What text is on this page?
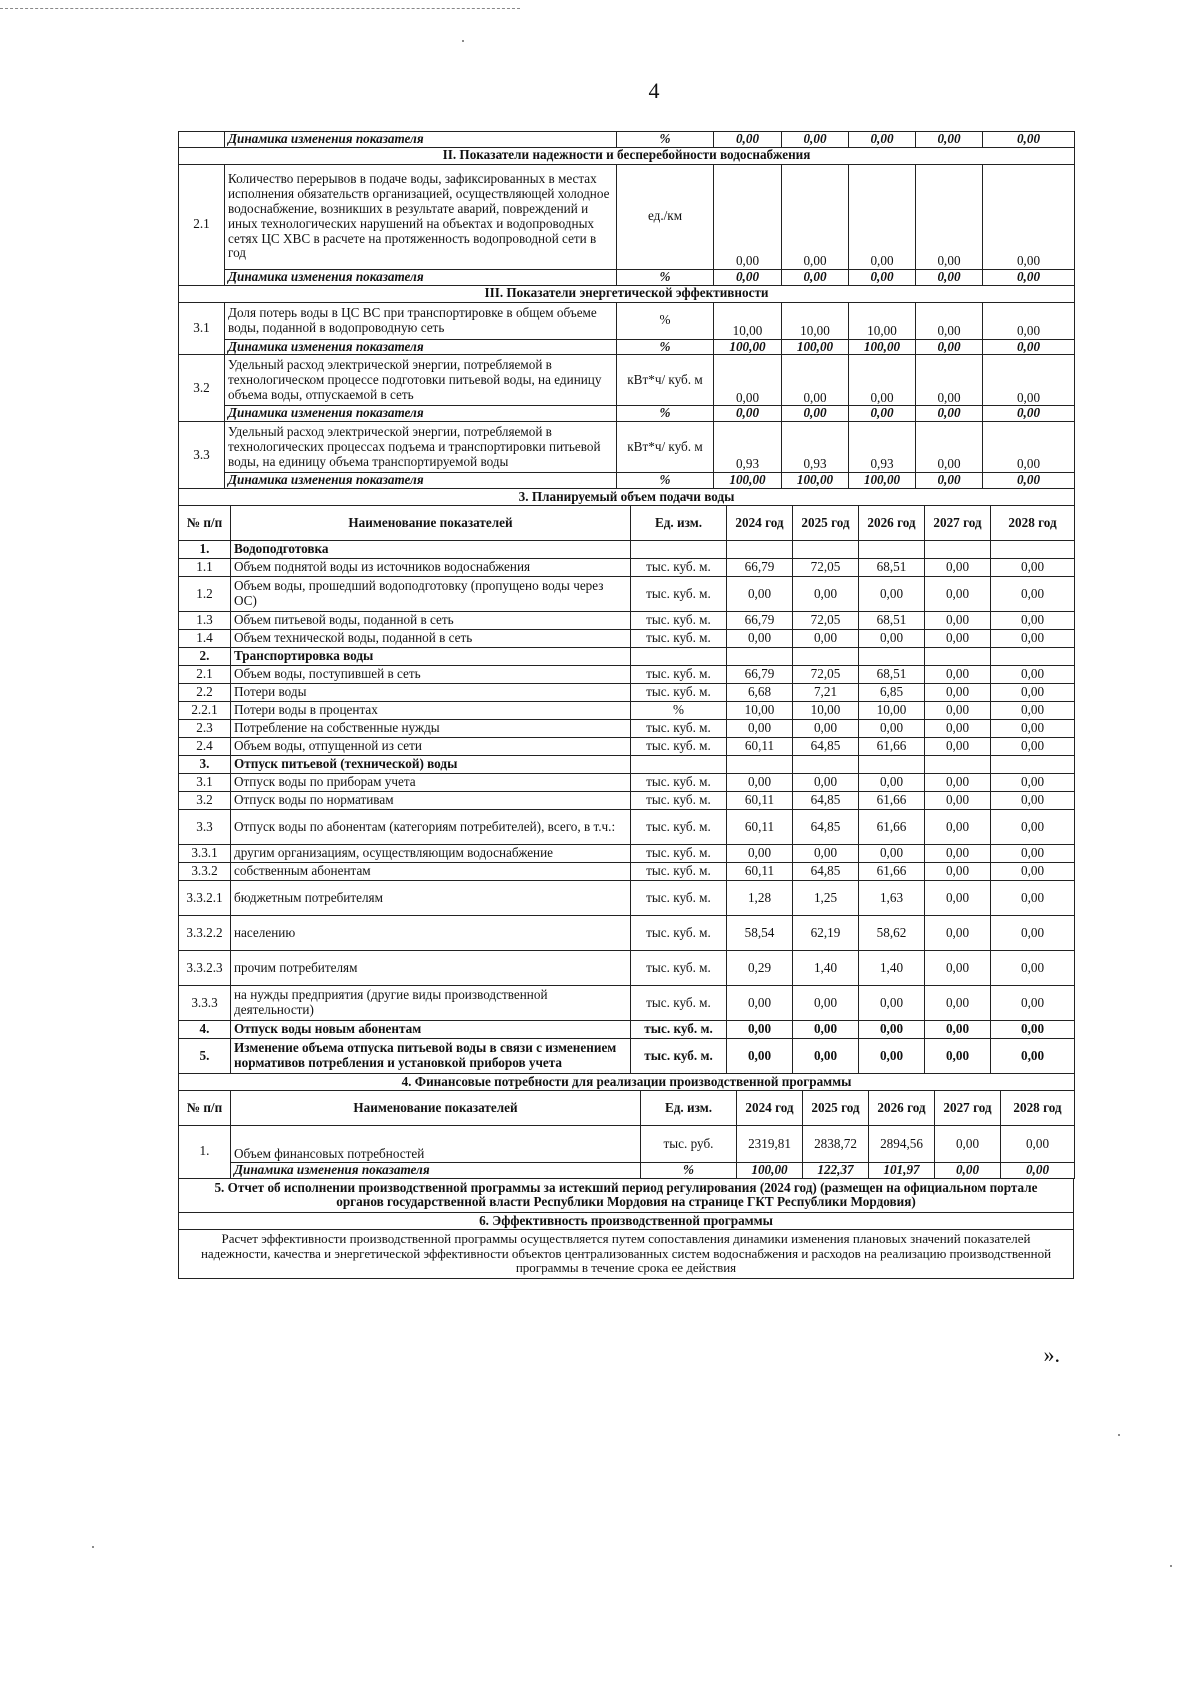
4
	Динамика изменения показателя	%	0,00	0,00	0,00	0,00	0,00
II. Показатели надежности и бесперебойности водоснабжения							
2.1	Количество перерывов в подаче воды, зафиксированных в местах исполнения обязательств организацией, осуществляющей холодное водоснабжение, возникших в результате аварий, повреждений и иных технологических нарушений на объектах и водопроводных сетях ЦС ХВС в расчете на протяженность водопроводной сети в год	ед./км	0,00	0,00	0,00	0,00	0,00
	Динамика изменения показателя	%	0,00	0,00	0,00	0,00	0,00
III. Показатели энергетической эффективности							
3.1	Доля потерь воды в ЦС ВС при транспортировке в общем объеме воды, поданной в водопроводную сеть	%	10,00	10,00	10,00	0,00	0,00
	Динамика изменения показателя	%	100,00	100,00	100,00	0,00	0,00
3.2	Удельный расход электрической энергии, потребляемой в технологическом процессе подготовки питьевой воды, на единицу объема воды, отпускаемой в сеть	кВт*ч/ куб. м	0,00	0,00	0,00	0,00	0,00
	Динамика изменения показателя	%	0,00	0,00	0,00	0,00	0,00
3.3	Удельный расход электрической энергии, потребляемой в технологических процессах подъема и транспортировки питьевой воды, на единицу объема транспортируемой воды	кВт*ч/ куб. м	0,93	0,93	0,93	0,00	0,00
	Динамика изменения показателя	%	100,00	100,00	100,00	0,00	0,00
3. Планируемый объем подачи воды							
№ п/п	Наименование показателей	Ед. изм.	2024 год	2025 год	2026 год	2027 год	2028 год
1.	Водоподготовка						
1.1	Объем поднятой воды из источников водоснабжения	тыс. куб. м.	66,79	72,05	68,51	0,00	0,00
1.2	Объем воды, прошедший водоподготовку (пропущено воды через ОС)	тыс. куб. м.	0,00	0,00	0,00	0,00	0,00
1.3	Объем питьевой воды, поданной в сеть	тыс. куб. м.	66,79	72,05	68,51	0,00	0,00
1.4	Объем технической воды, поданной в сеть	тыс. куб. м.	0,00	0,00	0,00	0,00	0,00
2.	Транспортировка воды						
2.1	Объем воды, поступившей в сеть	тыс. куб. м.	66,79	72,05	68,51	0,00	0,00
2.2	Потери воды	тыс. куб. м.	6,68	7,21	6,85	0,00	0,00
2.2.1	Потери воды в процентах	%	10,00	10,00	10,00	0,00	0,00
2.3	Потребление на собственные нужды	тыс. куб. м.	0,00	0,00	0,00	0,00	0,00
2.4	Объем воды, отпущенной из сети	тыс. куб. м.	60,11	64,85	61,66	0,00	0,00
3.	Отпуск питьевой (технической) воды						
3.1	Отпуск воды по приборам учета	тыс. куб. м.	0,00	0,00	0,00	0,00	0,00
3.2	Отпуск воды по нормативам	тыс. куб. м.	60,11	64,85	61,66	0,00	0,00
3.3	Отпуск воды по абонентам (категориям потребителей), всего, в т.ч.:	тыс. куб. м.	60,11	64,85	61,66	0,00	0,00
3.3.1	другим организациям, осуществляющим водоснабжение	тыс. куб. м.	0,00	0,00	0,00	0,00	0,00
3.3.2	собственным абонентам	тыс. куб. м.	60,11	64,85	61,66	0,00	0,00
3.3.2.1	бюджетным потребителям	тыс. куб. м.	1,28	1,25	1,63	0,00	0,00
3.3.2.2	населению	тыс. куб. м.	58,54	62,19	58,62	0,00	0,00
3.3.2.3	прочим потребителям	тыс. куб. м.	0,29	1,40	1,40	0,00	0,00
3.3.3	на нужды предприятия (другие виды производственной деятельности)	тыс. куб. м.	0,00	0,00	0,00	0,00	0,00
4.	Отпуск воды новым абонентам	тыс. куб. м.	0,00	0,00	0,00	0,00	0,00
5.	Изменение объема отпуска питьевой воды в связи с изменением нормативов потребления и установкой приборов учета	тыс. куб. м.	0,00	0,00	0,00	0,00	0,00
4. Финансовые потребности для реализации производственной программы							
№ п/п	Наименование показателей	Ед. изм.	2024 год	2025 год	2026 год	2027 год	2028 год
1.	Объем финансовых потребностей	тыс. руб.	2319,81	2838,72	2894,56	0,00	0,00
	Динамика изменения показателя	%	100,00	122,37	101,97	0,00	0,00
5. Отчет об исполнении производственной программы за истекший период регулирования (2024 год) (размещен на официальном портале органов государственной власти Республики Мордовия на странице ГКТ Республики Мордовия)
6. Эффективность производственной программы
Расчет эффективности производственной программы осуществляется путем сопоставления динамики изменения плановых значений показателей надежности, качества и энергетической эффективности объектов централизованных систем водоснабжения и расходов на реализацию производственной программы в течение срока ее действия
».
